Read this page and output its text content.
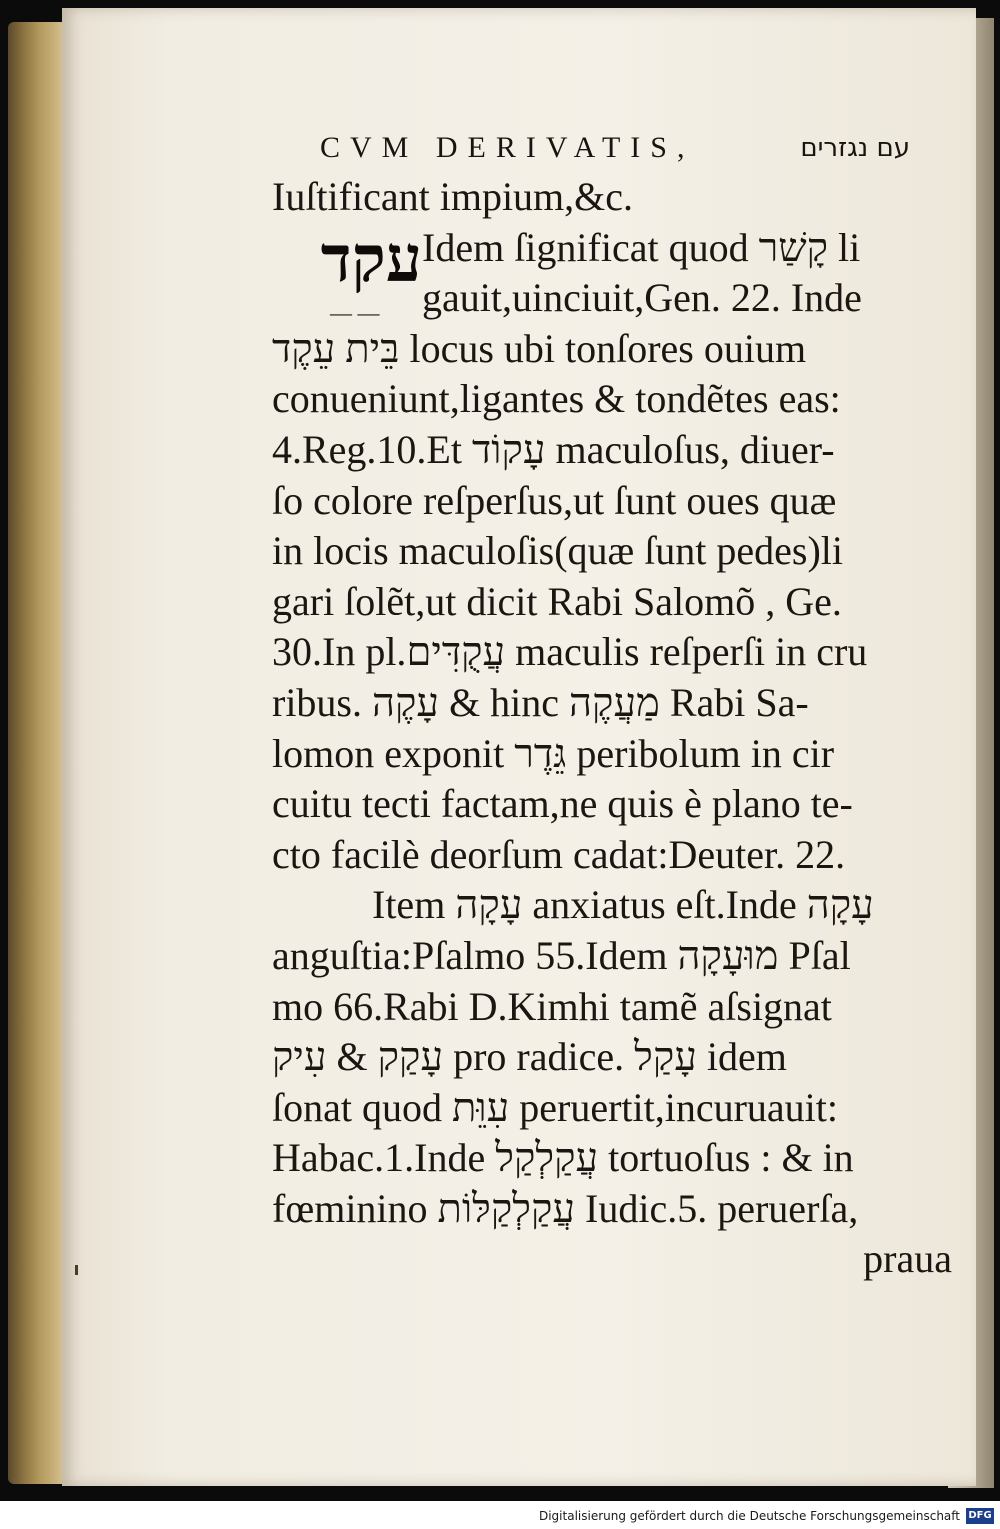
CVM DERIVATIS,	עם נגזרים
Iuſtificant impium,&c.
Idem ſignificat quod קָשַׁר li
gauit,uinciuit,Gen. 22. Inde
בֵּית עֵקֶד locus ubi tonſores ouium
conueniunt,ligantes & tondẽtes eas:
4.Reg.10.Et עָקוֹד maculoſus, diuer-
ſo colore reſperſus,ut ſunt oues quæ
in locis maculoſis(quæ ſunt pedes)li
gari ſolẽt,ut dicit Rabi Salomõ , Ge.
30.In pl.עֲקֻדִּים maculis reſperſi in cru
ribus. עָקֶה & hinc מַעֲקֶה Rabi Sa-
lomon exponit גֵּדֶר peribolum in cir
cuitu tecti factam,ne quis è plano te-
cto facilè deorſum cadat:Deuter. 22.
Item עָקָה anxiatus eſt.Inde עָקָה
anguſtia:Pſalmo 55.Idem מוּעָקָה Pſal
mo 66.Rabi D.Kimhi tamẽ aſsignat
עָקַק & עִיק pro radice. עָקַל idem
ſonat quod עִוֵּת peruertit,incuruauit:
Habac.1.Inde עֲקַלְקַל tortuoſus : & in
fœminino עֲקַלְקַלּוֹת Iudic.5. peruerſa,
praua
עקד
— —
Digitalisierung gefördert durch die Deutsche Forschungsgemeinschaft DFG
